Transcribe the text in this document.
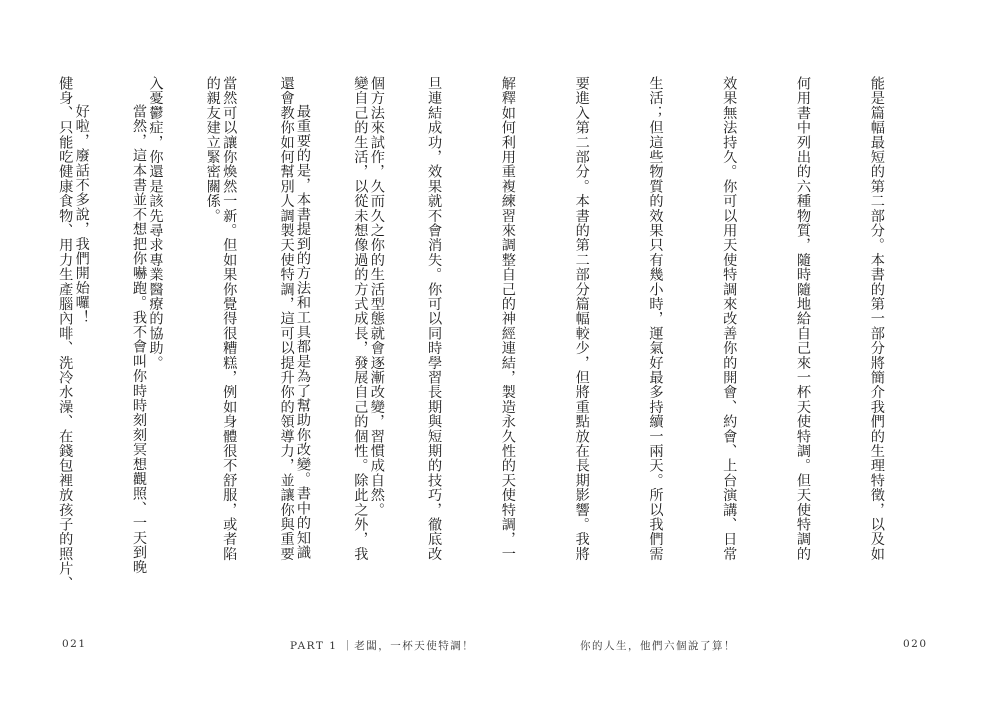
能是篇幅最短的第二部分。本書的第一部分將簡介我們的生理特徵，以及如

何用書中列出的六種物質，隨時隨地給自己來一杯天使特調。但天使特調的

效果無法持久。你可以用天使特調來改善你的開會、約會、上台演講、日常

生活；但這些物質的效果只有幾小時，運氣好最多持續一兩天。所以我們需

要進入第二部分。本書的第二部分篇幅較少，但將重點放在長期影響。我將

解釋如何利用重複練習來調整自己的神經連結，製造永久性的天使特調，一

旦連結成功，效果就不會消失。你可以同時學習長期與短期的技巧，徹底改

變自己的生活，以從未想像過的方式成長，發展自己的個性。除此之外，我

還會教你如何幫別人調製天使特調，這可以提升你的領導力，並讓你與重要

的親友建立緊密關係。

當然，這本書並不想把你嚇跑。我不會叫你時時刻刻冥想觀照、一天到晚

健身、只能吃健康食物、用力生產腦內啡、洗冷水澡、在錢包裡放孩子的照片、

	個方法來試作，久而久之你的生活型態就會逐漸改變，習慣成自然。

最重要的是，本書提到的方法和工具都是為了幫助你改變。書中的知識

當然可以讓你煥然一新。但如果你覺得很糟糕，例如身體很不舒服，或者陷

入憂鬱症，你還是該先尋求專業醫療的協助。

好啦，廢話不多說，我們開始囉！

021	PART 1 ｜老闆，一杯天使特調！	你的人生，他們六個說了算！	020
